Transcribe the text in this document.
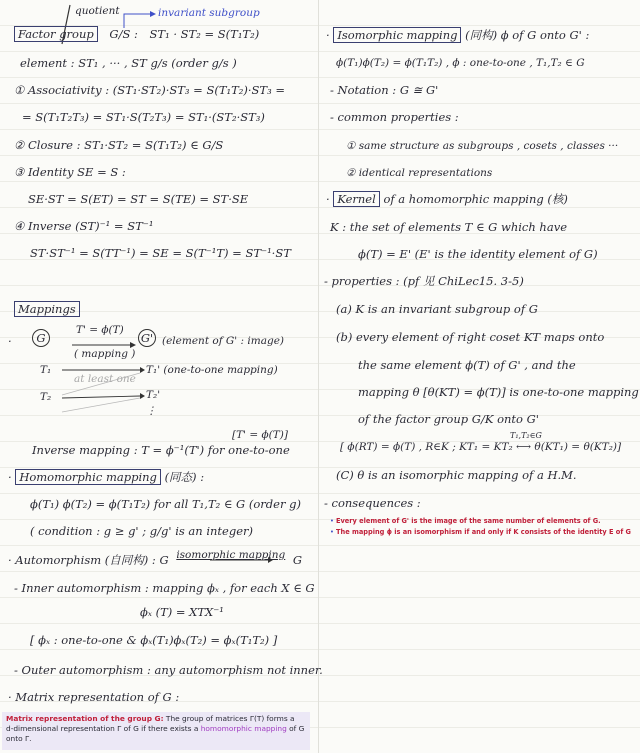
quotient	invariant subgroup
Factor group G/S : ST₁ · ST₂ = S(T₁T₂)
element : ST₁ , ··· , ST g/s (order g/s )
① Associativity : (ST₁·ST₂)·ST₃ = S(T₁T₂)·ST₃ =
= S(T₁T₂T₃) = ST₁·S(T₂T₃) = ST₁·(ST₂·ST₃)
② Closure : ST₁·ST₂ = S(T₁T₂) ∈ G/S
③ Identity SE = S :
SE·ST = S(ET) = ST = S(TE) = ST·SE
④ Inverse (ST)⁻¹ = ST⁻¹
ST·ST⁻¹ = S(TT⁻¹) = SE = S(T⁻¹T) = ST⁻¹·ST
Mappings
·	G
T' = ϕ(T)
( mapping )
G' (element of G' : image)
T₁	T₁' (one-to-one mapping)
at least one
T₂	T₂'
⋮
[T' = ϕ(T)]
Inverse mapping : T = ϕ⁻¹(T') for one-to-one
· Homomorphic mapping (同态) :
ϕ(T₁) ϕ(T₂) = ϕ(T₁T₂) for all T₁,T₂ ∈ G (order g)
( condition : g ≥ g' ; g/g' is an integer)
· Automorphism (自同构) : G isomorphic mapping G
- Inner automorphism : mapping ϕₓ , for each X ∈ G
ϕₓ (T) = XTX⁻¹
[ ϕₓ : one-to-one & ϕₓ(T₁)ϕₓ(T₂) = ϕₓ(T₁T₂) ]
- Outer automorphism : any automorphism not inner.
· Matrix representation of G :
Matrix representation of the group G: The group of matrices Γ(T) forms a
d-dimensional representation Γ of G if there exists a homomorphic mapping of G
onto Γ.
· Isomorphic mapping (同构) ϕ of G onto G' :
ϕ(T₁)ϕ(T₂) = ϕ(T₁T₂) , ϕ : one-to-one , T₁,T₂ ∈ G
- Notation : G ≅ G'
- common properties :
① same structure as subgroups , cosets , classes ···
② identical representations
· Kernel of a homomorphic mapping (核)
K : the set of elements T ∈ G which have
ϕ(T) = E' (E' is the identity element of G)
- properties : (pf 见 ChiLec15. 3-5)
(a) K is an invariant subgroup of G
(b) every element of right coset KT maps onto
the same element ϕ(T) of G' , and the
mapping θ [θ(KT) = ϕ(T)] is one-to-one mapping
of the factor group G/K onto G'
T₁,T₂∈G
[ ϕ(RT) = ϕ(T) , R∈K ; KT₁ = KT₂ ⟷ θ(KT₁) = θ(KT₂)]
(C) θ is an isomorphic mapping of a H.M.
- consequences :
• Every element of G' is the image of the same number of elements of G.
• The mapping ϕ is an isomorphism if and only if K consists of the identity E of G
